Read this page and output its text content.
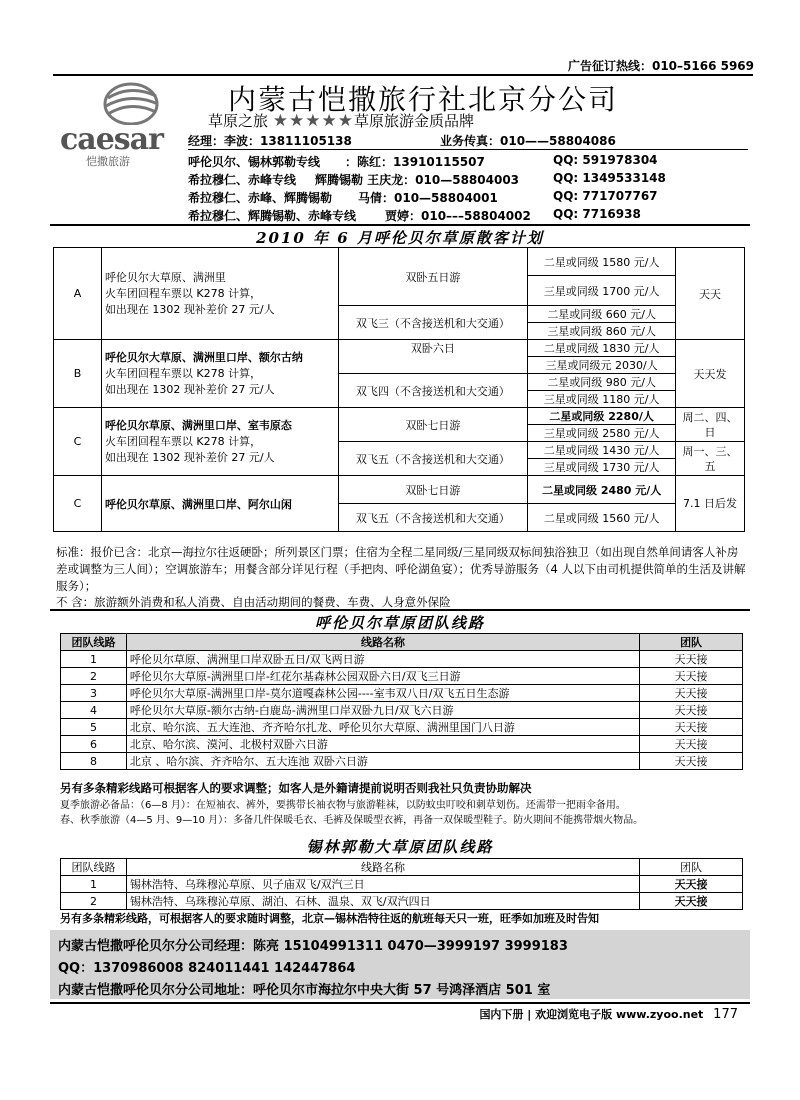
广告征订热线：010–5166 5969
caesar
恺撒旅游
内蒙古恺撒旅行社北京分公司
草原之旅 ★★★★★草原旅游金质品牌
经理：李波：13811105138	业务传真：010——58804086
呼伦贝尔、锡林郭勒专线 ：陈红：13910115507	QQ: 591978304
希拉穆仁、赤峰专线 辉腾锡勒 王庆龙：010—58804003	QQ: 1349533148
希拉穆仁、赤峰、辉腾锡勒 马倩：010—58804001	QQ: 771707767
希拉穆仁、辉腾锡勒、赤峰专线 贾婷：010–––58804002 QQ: 7716938
2010 年 6 月呼伦贝尔草原散客计划
A	呼伦贝尔大草原、满洲里
火车团回程车票以 K278 计算，
如出现在 1302 现补差价 27 元/人	双卧五日游	二星或同级 1580 元/人	天天
			三星或同级 1700 元/人	

		双飞三（不含接送机和大交通）	二星或同级 660 元/人	
			三星或同级 860 元/人	
B	呼伦贝尔大草原、满洲里口岸、额尔古纳
火车团回程车票以 K278 计算，
如出现在 1302 现补差价 27 元/人	双卧六日	二星或同级 1830 元/人	天天发
			三星或同级元 2030/人	
		双飞四（不含接送机和大交通）	二星或同级 980 元/人	
			三星或同级 1180 元/人	
C	呼伦贝尔草原、满洲里口岸、室韦原态
火车团回程车票以 K278 计算，
如出现在 1302 现补差价 27 元/人	双卧七日游	二星或同级 2280/人	周二、四、日
			三星或同级 2580 元/人	
		双飞五（不含接送机和大交通）	二星或同级 1430 元/人	周一、三、五
			三星或同级 1730 元/人	
C	呼伦贝尔草原、满洲里口岸、阿尔山闲	双卧七日游	二星或同级 2480 元/人	7.1 日后发
		双飞五（不含接送机和大交通）	二星或同级 1560 元/人	
标准：报价已含：北京—海拉尔往返硬卧；所列景区门票；住宿为全程二星同级/三星同级双标间独浴独卫（如出现自然单间请客人补房差或调整为三人间）；空调旅游车；用餐含部分详见行程（手把肉、呼伦湖鱼宴）；优秀导游服务（4 人以下由司机提供简单的生活及讲解服务）；
不 含：旅游额外消费和私人消费、自由活动期间的餐费、车费、人身意外保险
呼伦贝尔草原团队线路
团队线路	线路名称	团队
1	呼伦贝尔草原、满洲里口岸双卧五日/双飞两日游	天天接
2	呼伦贝尔大草原-满洲里口岸-红花尔基森林公园双卧六日/双飞三日游	天天接
3	呼伦贝尔大草原-满洲里口岸-莫尔道嘎森林公园----室韦双八日/双飞五日生态游	天天接
4	呼伦贝尔大草原-额尔古纳-白鹿岛-满洲里口岸双卧九日/双飞六日游	天天接
5	北京、哈尔滨、五大连池、齐齐哈尔扎龙、呼伦贝尔大草原、满洲里国门八日游	天天接
6	北京、哈尔滨、漠河、北极村双卧六日游	天天接
8	北京 、哈尔滨、齐齐哈尔、五大连池 双卧六日游	天天接
另有多条精彩线路可根据客人的要求调整；如客人是外籍请提前说明否则我社只负责协助解决
夏季旅游必备品：（6—8 月）：在短袖衣、裤外，要携带长袖衣物与旅游鞋袜，以防蚊虫叮咬和刺草划伤。还需带一把雨伞备用。
春、秋季旅游（4—5 月、9—10 月）：多备几件保暖毛衣、毛裤及保暖型衣裤，再备一双保暖型鞋子。防火期间不能携带烟火物品。
锡林郭勒大草原团队线路
团队线路	线路名称	团队
1	锡林浩特、乌珠穆沁草原、贝子庙双飞/双汽三日	天天接
2	锡林浩特、乌珠穆沁草原、湖泊、石林、温泉、双飞/双汽四日	天天接
另有多条精彩线路，可根据客人的要求随时调整，北京—锡林浩特往返的航班每天只一班，旺季如加班及时告知
内蒙古恺撒呼伦贝尔分公司经理：陈亮 15104991311 0470—3999197 3999183
QQ：1370986008 824011441 142447864
内蒙古恺撒呼伦贝尔分公司地址：呼伦贝尔市海拉尔中央大街 57 号鸿泽酒店 501 室
国内下册 | 欢迎浏览电子版 www.zyoo.net 177
